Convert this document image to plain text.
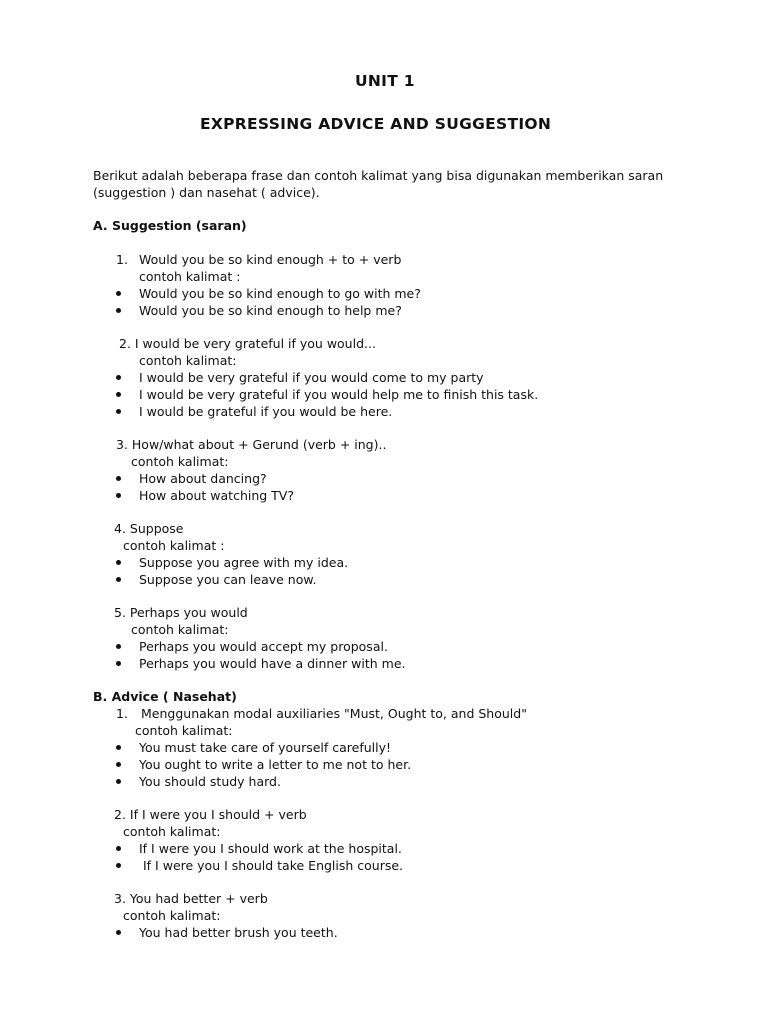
UNIT 1
EXPRESSING ADVICE AND SUGGESTION
Berikut adalah beberapa frase dan contoh kalimat yang bisa digunakan memberikan saran
(suggestion ) dan nasehat ( advice).
A. Suggestion (saran)
1. Would you be so kind enough + to + verb
contoh kalimat :
Would you be so kind enough to go with me?
Would you be so kind enough to help me?
2. I would be very grateful if you would...
contoh kalimat:
I would be very grateful if you would come to my party
I would be very grateful if you would help me to finish this task.
I would be grateful if you would be here.
3. How/what about + Gerund (verb + ing)..
contoh kalimat:
How about dancing?
How about watching TV?
4. Suppose
contoh kalimat :
Suppose you agree with my idea.
Suppose you can leave now.
5. Perhaps you would
contoh kalimat:
Perhaps you would accept my proposal.
Perhaps you would have a dinner with me.
B. Advice ( Nasehat)
1. Menggunakan modal auxiliaries "Must, Ought to, and Should"
contoh kalimat:
You must take care of yourself carefully!
You ought to write a letter to me not to her.
You should study hard.
2. If I were you I should + verb
contoh kalimat:
If I were you I should work at the hospital.
If I were you I should take English course.
3. You had better + verb
contoh kalimat:
You had better brush you teeth.
